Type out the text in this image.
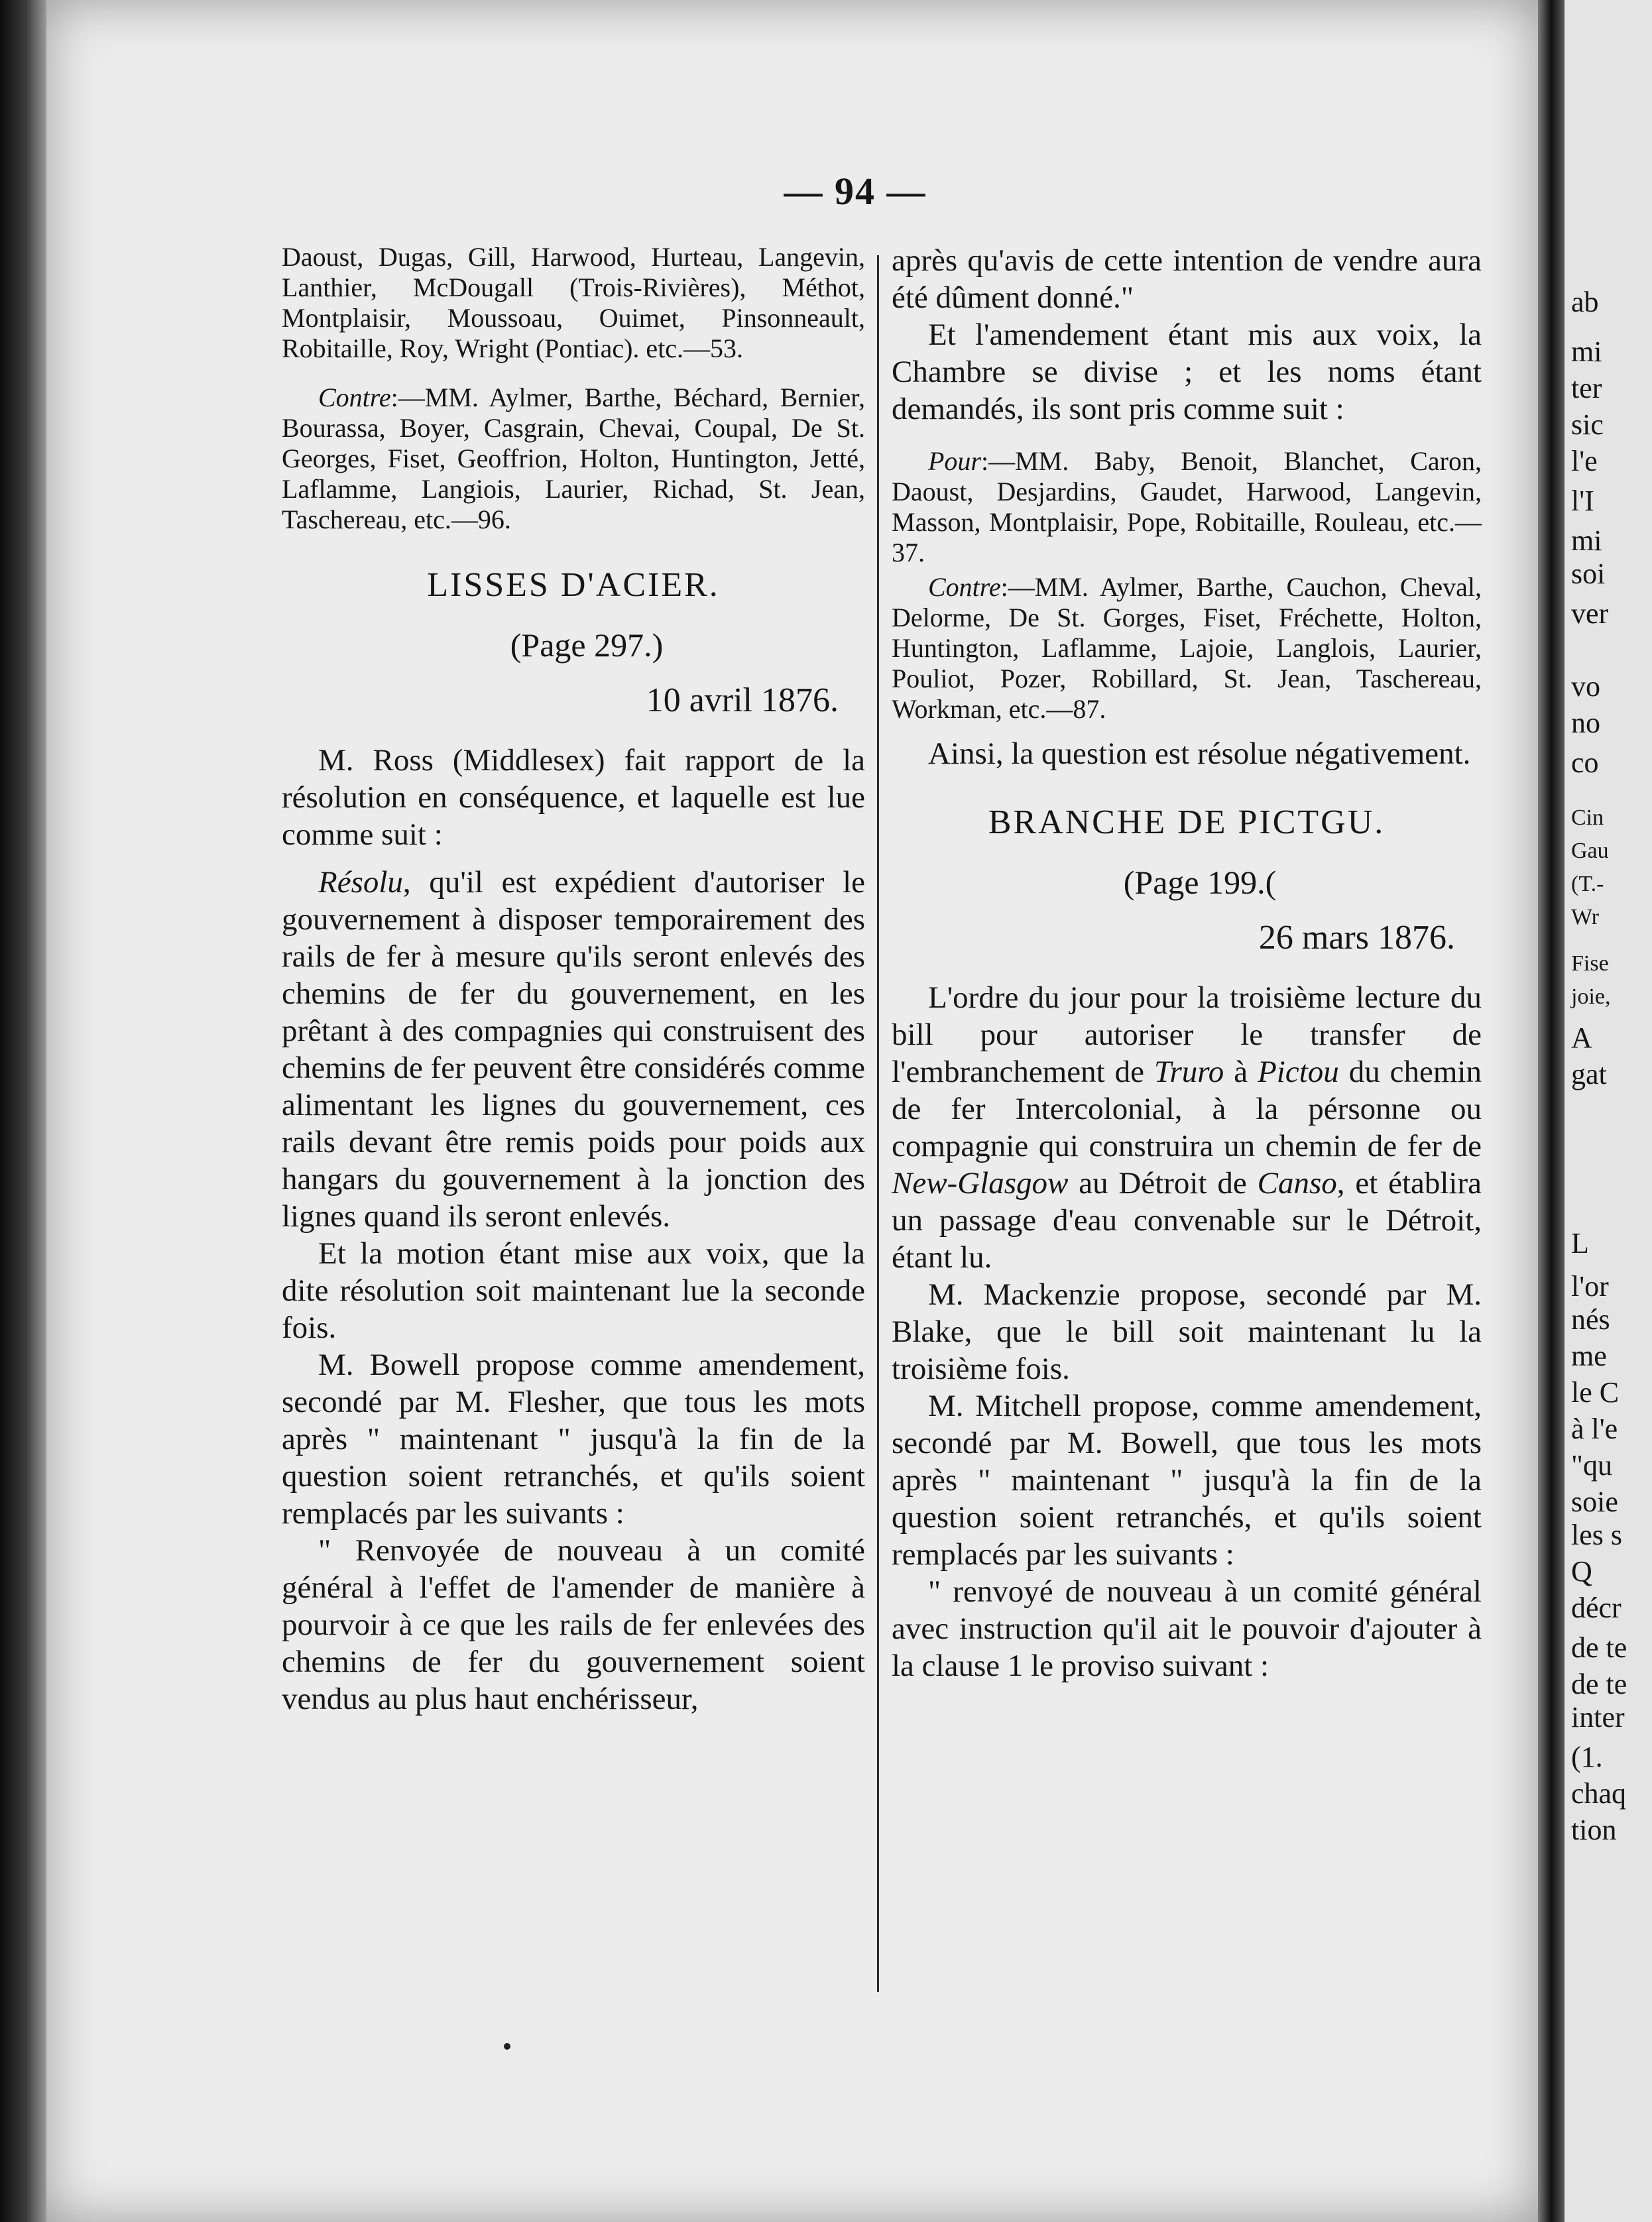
— 94 —

Daoust, Dugas, Gill, Harwood, Hurteau, Langevin, Lanthier, McDougall (Trois-Rivières), Méthot, Montplaisir, Moussoau, Ouimet, Pinsonneault, Robitaille, Roy, Wright (Pontiac). etc.—53.

Contre:—MM. Aylmer, Barthe, Béchard, Bernier, Bourassa, Boyer, Casgrain, Chevai, Coupal, De St. Georges, Fiset, Geoffrion, Holton, Huntington, Jetté, Laflamme, Langiois, Laurier, Richad, St. Jean, Taschereau, etc.—96.

LISSES D'ACIER.

(Page 297.)

10 avril 1876.

M. Ross (Middlesex) fait rapport de la résolution en conséquence, et laquelle est lue comme suit :

Résolu, qu'il est expédient d'autoriser le gouvernement à disposer temporairement des rails de fer à mesure qu'ils seront enlevés des chemins de fer du gouvernement, en les prêtant à des compagnies qui construisent des chemins de fer peuvent être considérés comme alimentant les lignes du gouvernement, ces rails devant être remis poids pour poids aux hangars du gouvernement à la jonction des lignes quand ils seront enlevés.

Et la motion étant mise aux voix, que la dite résolution soit maintenant lue la seconde fois.

M. Bowell propose comme amendement, secondé par M. Flesher, que tous les mots après " maintenant " jusqu'à la fin de la question soient retranchés, et qu'ils soient remplacés par les suivants :

" Renvoyée de nouveau à un comité général à l'effet de l'amender de manière à pourvoir à ce que les rails de fer enlevées des chemins de fer du gouvernement soient vendus au plus haut enchérisseur,

après qu'avis de cette intention de vendre aura été dûment donné."

Et l'amendement étant mis aux voix, la Chambre se divise ; et les noms étant demandés, ils sont pris comme suit :

Pour:—MM. Baby, Benoit, Blanchet, Caron, Daoust, Desjardins, Gaudet, Harwood, Langevin, Masson, Montplaisir, Pope, Robitaille, Rouleau, etc.—37.

Contre:—MM. Aylmer, Barthe, Cauchon, Cheval, Delorme, De St. Gorges, Fiset, Fréchette, Holton, Huntington, Laflamme, Lajoie, Langlois, Laurier, Pouliot, Pozer, Robillard, St. Jean, Taschereau, Workman, etc.—87.

Ainsi, la question est résolue négativement.

BRANCHE DE PICTGU.

(Page 199.(

26 mars 1876.

L'ordre du jour pour la troisième lecture du bill pour autoriser le transfer de l'embranchement de Truro à Pictou du chemin de fer Intercolonial, à la pérsonne ou compagnie qui construira un chemin de fer de New-Glasgow au Détroit de Canso, et établira un passage d'eau convenable sur le Détroit, étant lu.

M. Mackenzie propose, secondé par M. Blake, que le bill soit maintenant lu la troisième fois.

M. Mitchell propose, comme amendement, secondé par M. Bowell, que tous les mots après " maintenant " jusqu'à la fin de la question soient retranchés, et qu'ils soient remplacés par les suivants :

" renvoyé de nouveau à un comité général avec instruction qu'il ait le pouvoir d'ajouter à la clause 1 le proviso suivant :

ab
mi
ter
sic
l'e
l'I
mi
soi
ver
vo
no
co
Cin
Gau
(T.-
Wr
Fise
joie,
A
gat
L
l'or
nés
me
le C
à l'e
"qu
soie
les s
Q
décr
de te
de te
inter
(1.
chaq
tion
